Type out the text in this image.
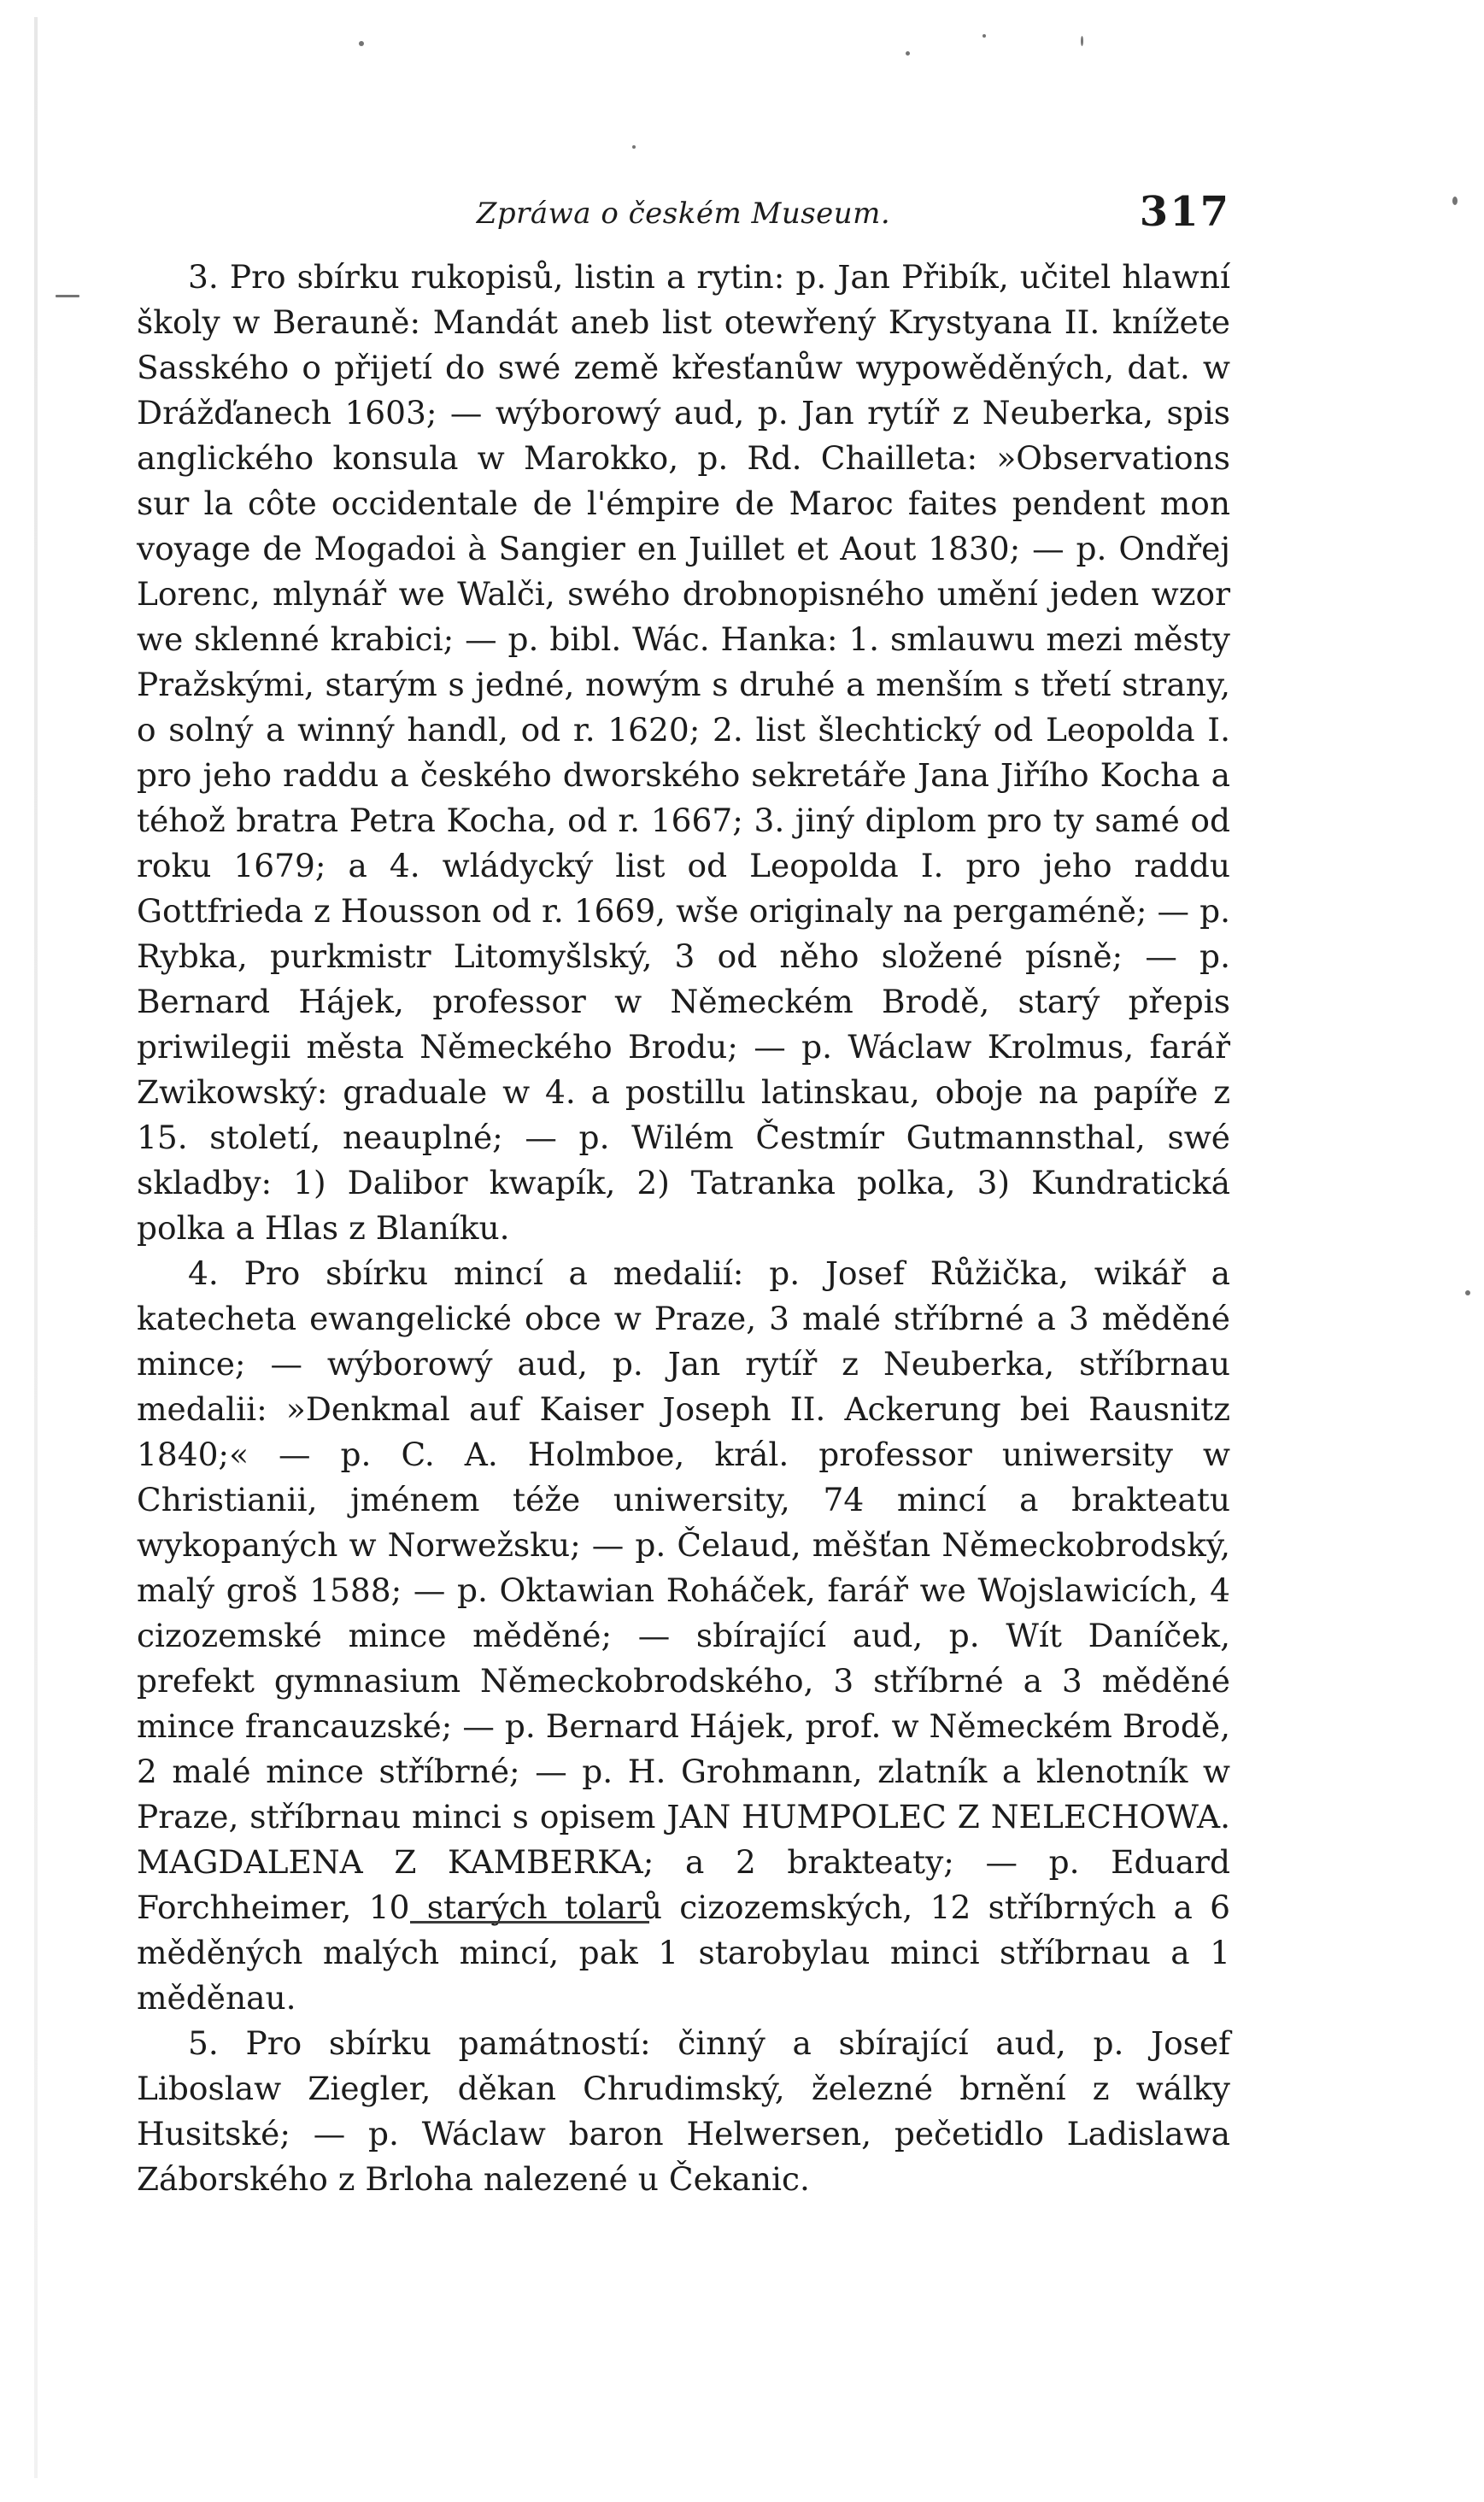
Zpráwa o českém Museum.	317

3. Pro sbírku rukopisů, listin a rytin: p. Jan Přibík, učitel hlawní školy w Berauně: Mandát aneb list otewřený Krystyana II. knížete Sasského o přijetí do swé země křesťanůw wypowěděných, dat. w Drážďanech 1603; — wýborowý aud, p. Jan rytíř z Neuberka, spis anglického konsula w Marokko, p. Rd. Chailleta: »Observations sur la côte occidentale de l'émpire de Maroc faites pendent mon voyage de Mogadoi à Sangier en Juillet et Aout 1830; — p. Ondřej Lorenc, mlynář we Walči, swého drobnopisného umění jeden wzor we sklenné krabici; — p. bibl. Wác. Hanka: 1. smlauwu mezi městy Pražskými, starým s jedné, nowým s druhé a menším s třetí strany, o solný a winný handl, od r. 1620; 2. list šlechtický od Leopolda I. pro jeho raddu a českého dworského sekretáře Jana Jiřího Kocha a téhož bratra Petra Kocha, od r. 1667; 3. jiný diplom pro ty samé od roku 1679; a 4. wládycký list od Leopolda I. pro jeho raddu Gottfrieda z Housson od r. 1669, wše originaly na pergaméně; — p. Rybka, purkmistr Litomyšlský, 3 od něho složené písně; — p. Bernard Hájek, professor w Německém Brodě, starý přepis priwilegii města Německého Brodu; — p. Wáclaw Krolmus, farář Zwikowský: graduale w 4. a postillu latinskau, oboje na papíře z 15. století, neauplné; — p. Wilém Čestmír Gutmannsthal, swé skladby: 1) Dalibor kwapík, 2) Tatranka polka, 3) Kundratická polka a Hlas z Blaníku.

4. Pro sbírku mincí a medalií: p. Josef Růžička, wikář a katecheta ewangelické obce w Praze, 3 malé stříbrné a 3 měděné mince; — wýborowý aud, p. Jan rytíř z Neuberka, stříbrnau medalii: »Denkmal auf Kaiser Joseph II. Ackerung bei Rausnitz 1840;« — p. C. A. Holmboe, král. professor uniwersity w Christianii, jménem téže uniwersity, 74 mincí a brakteatu wykopaných w Norwežsku; — p. Čelaud, měšťan Německobrodský, malý groš 1588; — p. Oktawian Roháček, farář we Wojslawicích, 4 cizozemské mince měděné; — sbírající aud, p. Wít Daníček, prefekt gymnasium Německobrodského, 3 stříbrné a 3 měděné mince francauzské; — p. Bernard Hájek, prof. w Německém Brodě, 2 malé mince stříbrné; — p. H. Grohmann, zlatník a klenotník w Praze, stříbrnau minci s opisem JAN HUMPOLEC Z NELECHOWA. MAGDALENA Z KAMBERKA; a 2 brakteaty; — p. Eduard Forchheimer, 10 starých tolarů cizozemských, 12 stříbrných a 6 měděných malých mincí, pak 1 starobylau minci stříbrnau a 1 měděnau.

5. Pro sbírku památností: činný a sbírající aud, p. Josef Liboslaw Ziegler, děkan Chrudimský, železné brnění z wálky Husitské; — p. Wáclaw baron Helwersen, pečetidlo Ladislawa Záborského z Brloha nalezené u Čekanic.
